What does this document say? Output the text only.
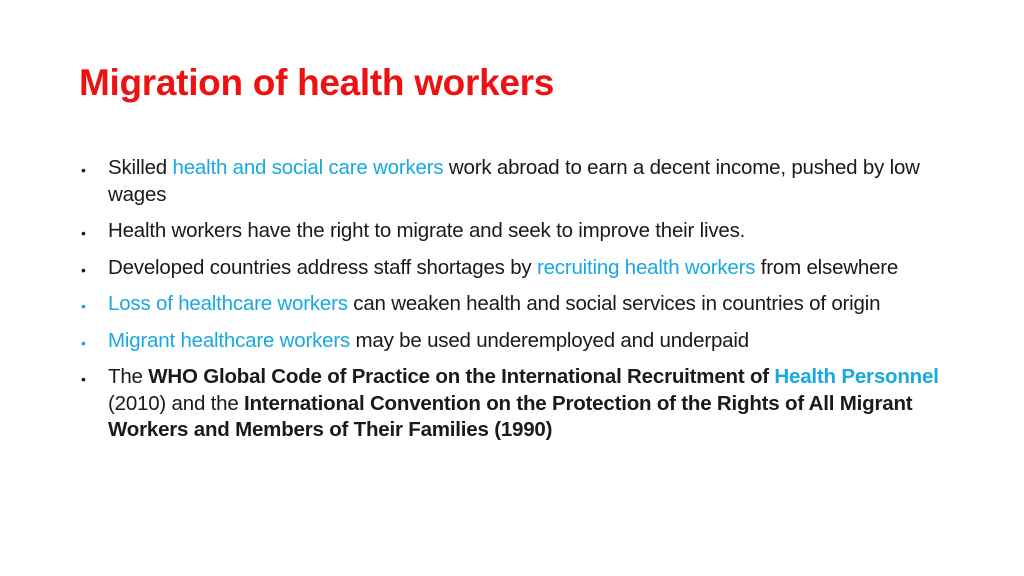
Migration of health workers
• Skilled health and social care workers work abroad to earn a decent income, pushed by low wages
• Health workers have the right to migrate and seek to improve their lives.
• Developed countries address staff shortages by recruiting health workers from elsewhere
• Loss of healthcare workers can weaken health and social services in countries of origin
• Migrant healthcare workers may be used underemployed and underpaid
• The WHO Global Code of Practice on the International Recruitment of Health Personnel (2010) and the International Convention on the Protection of the Rights of All Migrant Workers and Members of Their Families (1990)
